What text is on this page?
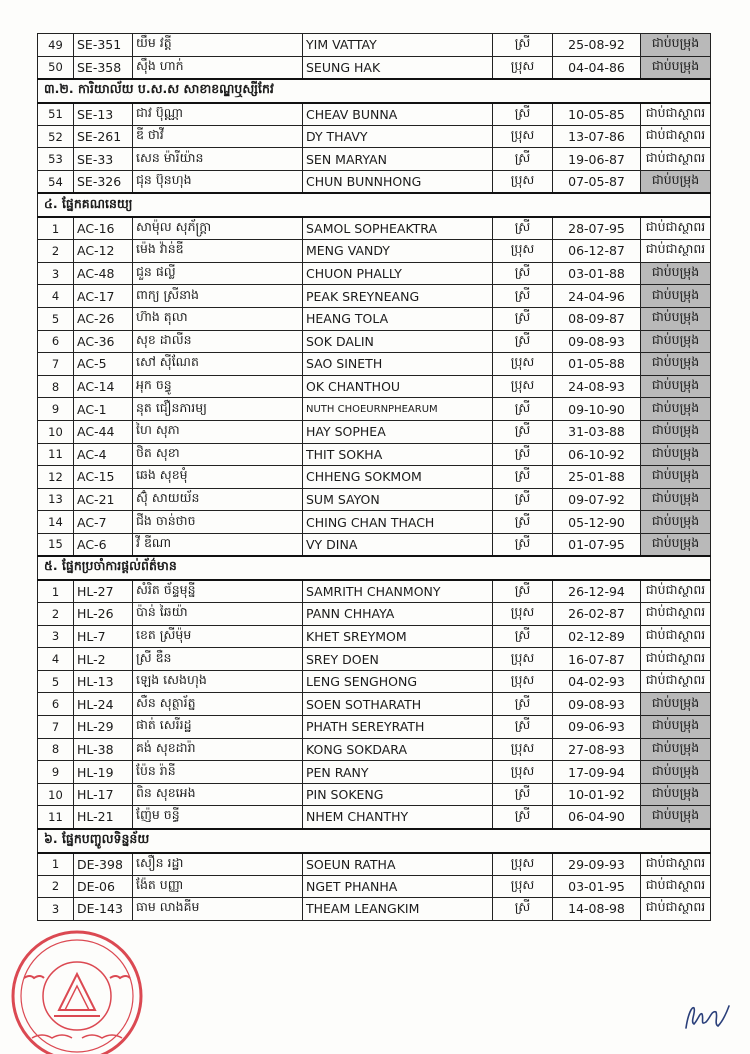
49	SE-351	យឹម វត្តី	YIM VATTAY	ស្រី	25-08-92	ជាប់បម្រុង
50	SE-358	ស៊ឹង ហាក់	SEUNG HAK	ប្រុស	04-04-86	ជាប់បម្រុង
៣.២. ការិយាល័យ ប.ស.ស សាខាខណ្ឌឬស្សីកែវ						
51	SE-13	ជាវ ប៊ុណ្ណា	CHEAV BUNNA	ស្រី	10-05-85	ជាប់ជាស្ថាពរ
52	SE-261	ឌី ថាវី	DY THAVY	ប្រុស	13-07-86	ជាប់ជាស្ថាពរ
53	SE-33	សេន ម៉ារីយ៉ាន	SEN MARYAN	ស្រី	19-06-87	ជាប់ជាស្ថាពរ
54	SE-326	ជុន ប៊ុនហុង	CHUN BUNNHONG	ប្រុស	07-05-87	ជាប់បម្រុង
៤. ផ្នែកគណនេយ្យ						
1	AC-16	សាម៉ុល សុភ័ក្ត្រា	SAMOL SOPHEAKTRA	ស្រី	28-07-95	ជាប់ជាស្ថាពរ
2	AC-12	ម៉េង វ៉ាន់ឌី	MENG VANDY	ប្រុស	06-12-87	ជាប់ជាស្ថាពរ
3	AC-48	ជួន ផល្លី	CHUON PHALLY	ស្រី	03-01-88	ជាប់បម្រុង
4	AC-17	ពាក្យ ស្រីនាង	PEAK SREYNEANG	ស្រី	24-04-96	ជាប់បម្រុង
5	AC-26	ហ៊ាង តុលា	HEANG TOLA	ស្រី	08-09-87	ជាប់បម្រុង
6	AC-36	សុខ ដាលីន	SOK DALIN	ស្រី	09-08-93	ជាប់បម្រុង
7	AC-5	សៅ ស៊ីណែត	SAO SINETH	ប្រុស	01-05-88	ជាប់បម្រុង
8	AC-14	អុក ចន្ធូ	OK CHANTHOU	ប្រុស	24-08-93	ជាប់បម្រុង
9	AC-1	នុត ជឿនភារម្យ	NUTH CHOEURNPHEARUM	ស្រី	09-10-90	ជាប់បម្រុង
10	AC-44	ហៃ សុភា	HAY SOPHEA	ស្រី	31-03-88	ជាប់បម្រុង
11	AC-4	ថិត សុខា	THIT SOKHA	ស្រី	06-10-92	ជាប់បម្រុង
12	AC-15	ឆេង សុខមុំ	CHHENG SOKMOM	ស្រី	25-01-88	ជាប់បម្រុង
13	AC-21	ស៊ុំ សាយយ័ន	SUM SAYON	ស្រី	09-07-92	ជាប់បម្រុង
14	AC-7	ជីង ចាន់ថាច	CHING CHAN THACH	ស្រី	05-12-90	ជាប់បម្រុង
15	AC-6	វី ឌីណា	VY DINA	ស្រី	01-07-95	ជាប់បម្រុង
៥. ផ្នែកប្រចាំការផ្ដល់ព័ត៌មាន						
1	HL-27	សំរិត ច័ន្ទមុន្នី	SAMRITH CHANMONY	ស្រី	26-12-94	ជាប់ជាស្ថាពរ
2	HL-26	ប៉ាន់ ឆៃយ៉ា	PANN CHHAYA	ប្រុស	26-02-87	ជាប់ជាស្ថាពរ
3	HL-7	ខេត ស្រីម៉ុម	KHET SREYMOM	ស្រី	02-12-89	ជាប់ជាស្ថាពរ
4	HL-2	ស្រី ឌឺន	SREY DOEN	ប្រុស	16-07-87	ជាប់ជាស្ថាពរ
5	HL-13	ឡេង សេងហុង	LENG SENGHONG	ប្រុស	04-02-93	ជាប់ជាស្ថាពរ
6	HL-24	សឺន សុត្ថារ័ត្ន	SOEN SOTHARATH	ស្រី	09-08-93	ជាប់បម្រុង
7	HL-29	ផាត់ សេរីរដ្ឋ	PHATH SEREYRATH	ស្រី	09-06-93	ជាប់បម្រុង
8	HL-38	គង់ សុខដារ៉ា	KONG SOKDARA	ប្រុស	27-08-93	ជាប់បម្រុង
9	HL-19	ប៉ែន រ៉ានី	PEN RANY	ប្រុស	17-09-94	ជាប់បម្រុង
10	HL-17	ពិន សុខអេង	PIN SOKENG	ស្រី	10-01-92	ជាប់បម្រុង
11	HL-21	ញ៉ែម ចន្ធី	NHEM CHANTHY	ស្រី	06-04-90	ជាប់បម្រុង
៦. ផ្នែកបញ្ចូលទិន្នន័យ						
1	DE-398	សឿន រដ្ឋា	SOEUN RATHA	ប្រុស	29-09-93	ជាប់ជាស្ថាពរ
2	DE-06	ង៉ែត បញ្ញា	NGET PHANHA	ប្រុស	03-01-95	ជាប់ជាស្ថាពរ
3	DE-143	ធាម លាងគីម	THEAM LEANGKIM	ស្រី	14-08-98	ជាប់ជាស្ថាពរ
